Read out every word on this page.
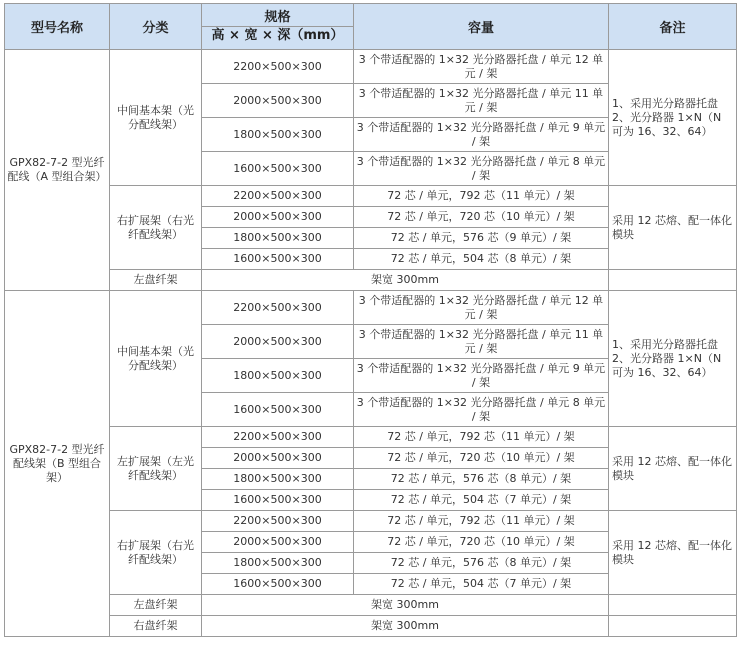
型号名称	分类	规格
高 × 宽 × 深（mm）	容量	备注
GPX82-7-2 型光纤配线（A 型组合架）	中间基本架（光分配线架）	2200×500×300	3 个带适配器的 1×32 光分路器托盘 / 单元 12 单元 / 架	1、采用光分路器托盘 2、光分路器 1×N（N 可为 16、32、64）
		2000×500×300	3 个带适配器的 1×32 光分路器托盘 / 单元 11 单元 / 架	
		1800×500×300	3 个带适配器的 1×32 光分路器托盘 / 单元 9 单元 / 架	
		1600×500×300	3 个带适配器的 1×32 光分路器托盘 / 单元 8 单元 / 架	
	右扩展架（右光纤配线架）	2200×500×300	72 芯 / 单元，792 芯（11 单元）/ 架	采用 12 芯熔、配一体化模块
		2000×500×300	72 芯 / 单元，720 芯（10 单元）/ 架	
		1800×500×300	72 芯 / 单元，576 芯（9 单元）/ 架	
		1600×500×300	72 芯 / 单元，504 芯（8 单元）/ 架	
	左盘纤架	架宽 300mm		
GPX82-7-2 型光纤配线架（B 型组合架）	中间基本架（光分配线架）	2200×500×300	3 个带适配器的 1×32 光分路器托盘 / 单元 12 单元 / 架	1、采用光分路器托盘 2、光分路器 1×N（N 可为 16、32、64）
		2000×500×300	3 个带适配器的 1×32 光分路器托盘 / 单元 11 单元 / 架	
		1800×500×300	3 个带适配器的 1×32 光分路器托盘 / 单元 9 单元 / 架	
		1600×500×300	3 个带适配器的 1×32 光分路器托盘 / 单元 8 单元 / 架	
	左扩展架（左光纤配线架）	2200×500×300	72 芯 / 单元，792 芯（11 单元）/ 架	采用 12 芯熔、配一体化模块
		2000×500×300	72 芯 / 单元，720 芯（10 单元）/ 架	
		1800×500×300	72 芯 / 单元，576 芯（8 单元）/ 架	
		1600×500×300	72 芯 / 单元，504 芯（7 单元）/ 架	
	右扩展架（右光纤配线架）	2200×500×300	72 芯 / 单元，792 芯（11 单元）/ 架	采用 12 芯熔、配一体化模块
		2000×500×300	72 芯 / 单元，720 芯（10 单元）/ 架	
		1800×500×300	72 芯 / 单元，576 芯（8 单元）/ 架	
		1600×500×300	72 芯 / 单元，504 芯（7 单元）/ 架	
	左盘纤架	架宽 300mm		
	右盘纤架	架宽 300mm		
